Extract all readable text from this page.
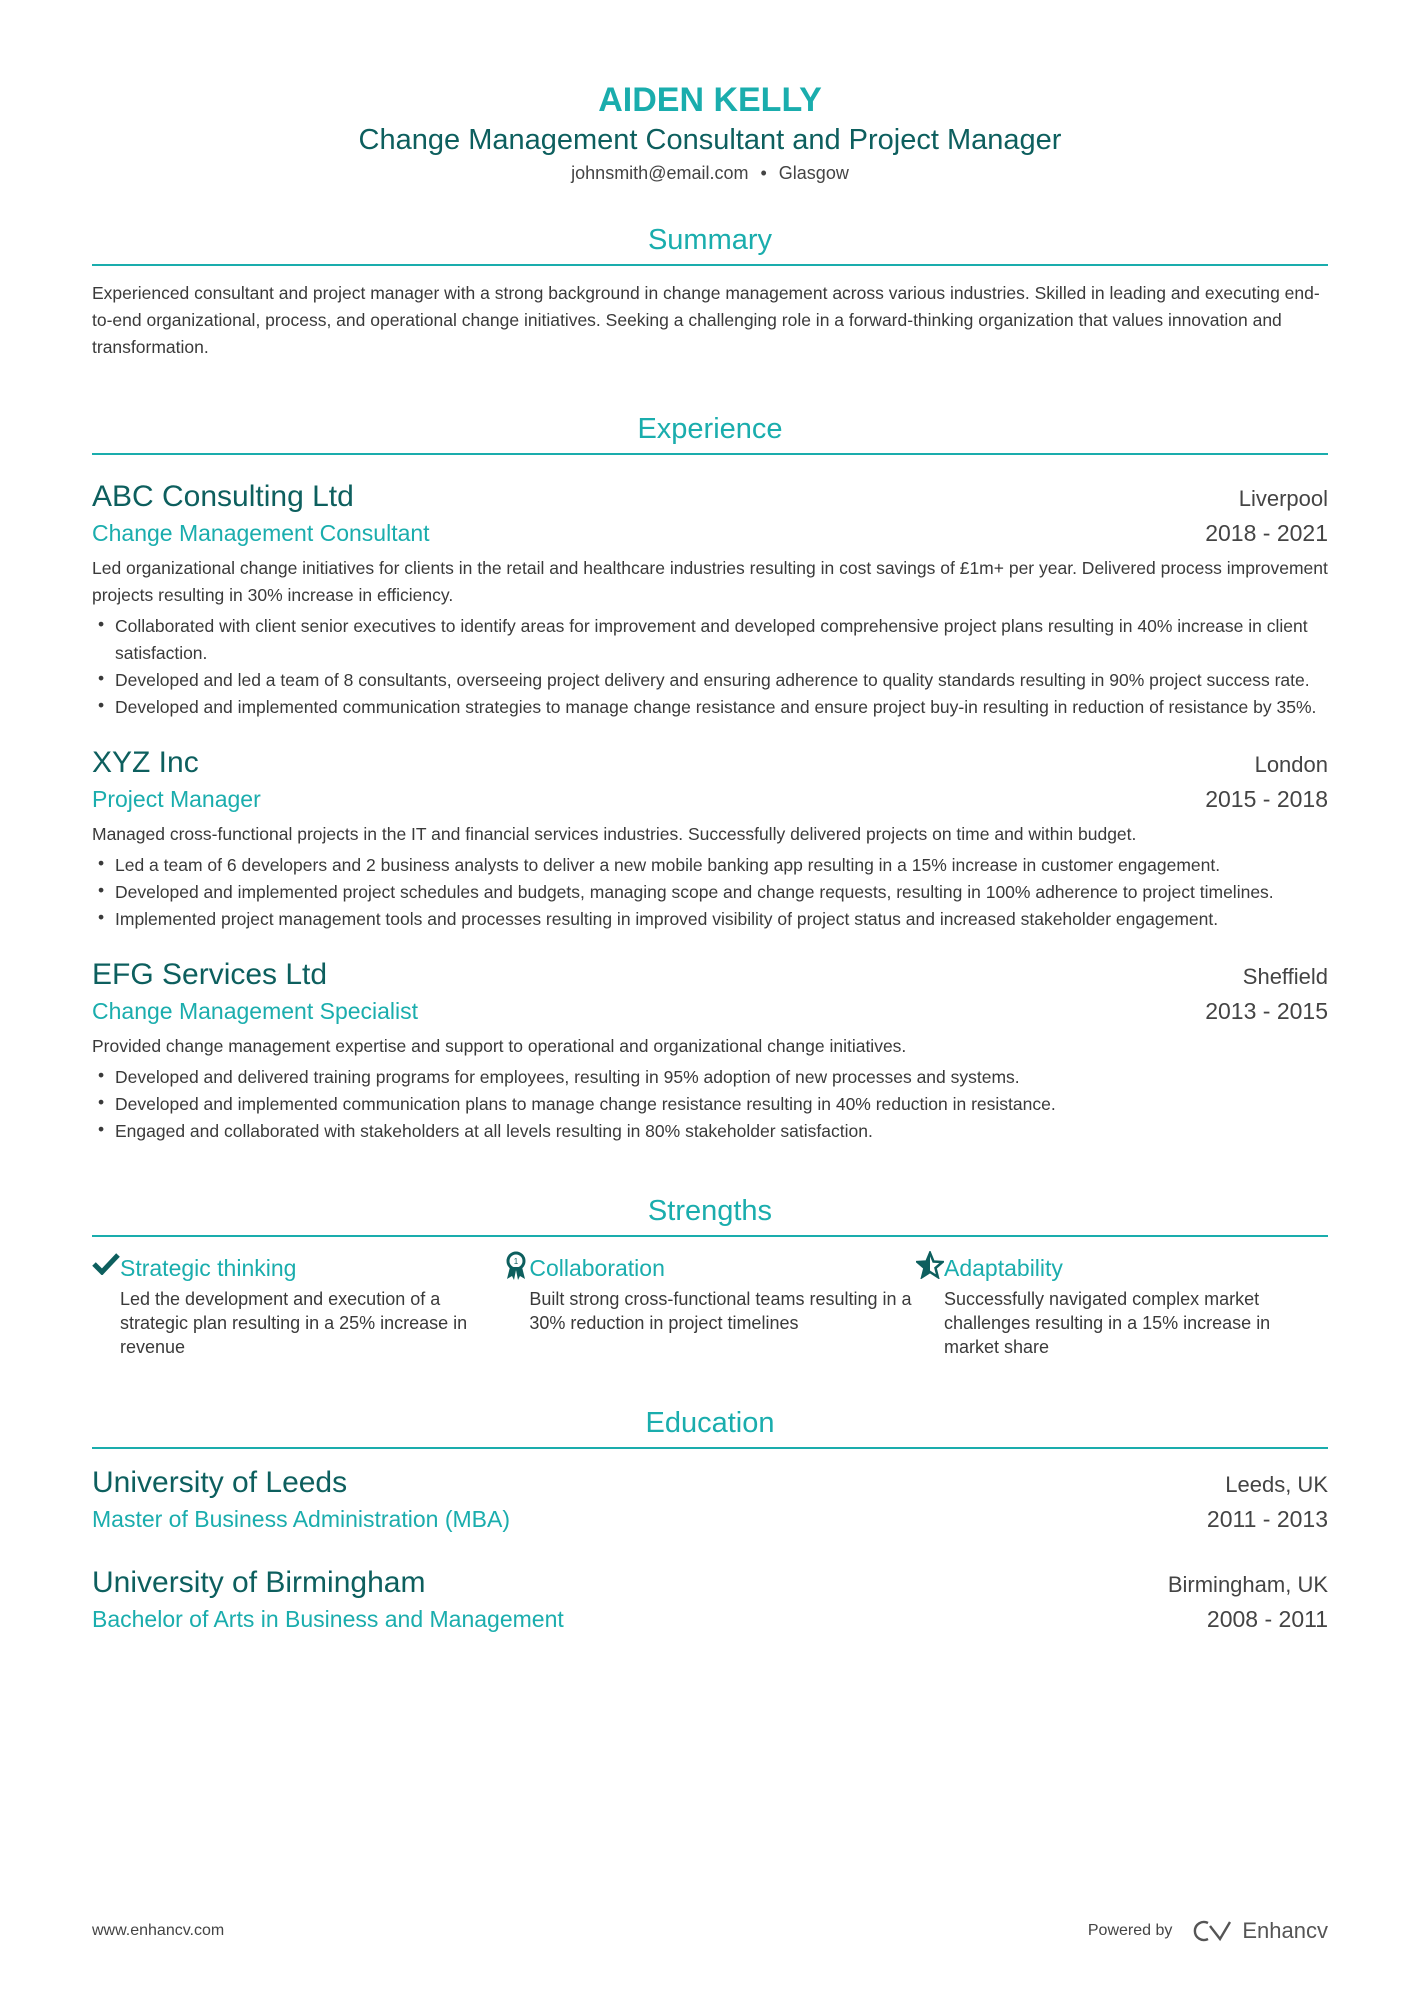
AIDEN KELLY
Change Management Consultant and Project Manager
johnsmith@email.com • Glasgow
Summary
Experienced consultant and project manager with a strong background in change management across various industries. Skilled in leading and executing end-to-end organizational, process, and operational change initiatives. Seeking a challenging role in a forward-thinking organization that values innovation and transformation.
Experience
ABC Consulting Ltd	Liverpool
Change Management Consultant	2018 - 2021
Led organizational change initiatives for clients in the retail and healthcare industries resulting in cost savings of £1m+ per year. Delivered process improvement projects resulting in 30% increase in efficiency.
• Collaborated with client senior executives to identify areas for improvement and developed comprehensive project plans resulting in 40% increase in client satisfaction.
• Developed and led a team of 8 consultants, overseeing project delivery and ensuring adherence to quality standards resulting in 90% project success rate.
• Developed and implemented communication strategies to manage change resistance and ensure project buy-in resulting in reduction of resistance by 35%.
XYZ Inc	London
Project Manager	2015 - 2018
Managed cross-functional projects in the IT and financial services industries. Successfully delivered projects on time and within budget.
• Led a team of 6 developers and 2 business analysts to deliver a new mobile banking app resulting in a 15% increase in customer engagement.
• Developed and implemented project schedules and budgets, managing scope and change requests, resulting in 100% adherence to project timelines.
• Implemented project management tools and processes resulting in improved visibility of project status and increased stakeholder engagement.
EFG Services Ltd	Sheffield
Change Management Specialist	2013 - 2015
Provided change management expertise and support to operational and organizational change initiatives.
• Developed and delivered training programs for employees, resulting in 95% adoption of new processes and systems.
• Developed and implemented communication plans to manage change resistance resulting in 40% reduction in resistance.
• Engaged and collaborated with stakeholders at all levels resulting in 80% stakeholder satisfaction.
Strengths
Strategic thinking
Led the development and execution of a strategic plan resulting in a 25% increase in revenue
1 Collaboration
Built strong cross-functional teams resulting in a 30% reduction in project timelines
Adaptability
Successfully navigated complex market challenges resulting in a 15% increase in market share
Education
University of Leeds	Leeds, UK
Master of Business Administration (MBA)	2011 - 2013
University of Birmingham	Birmingham, UK
Bachelor of Arts in Business and Management	2008 - 2011
www.enhancv.com	Powered by	Enhancv
